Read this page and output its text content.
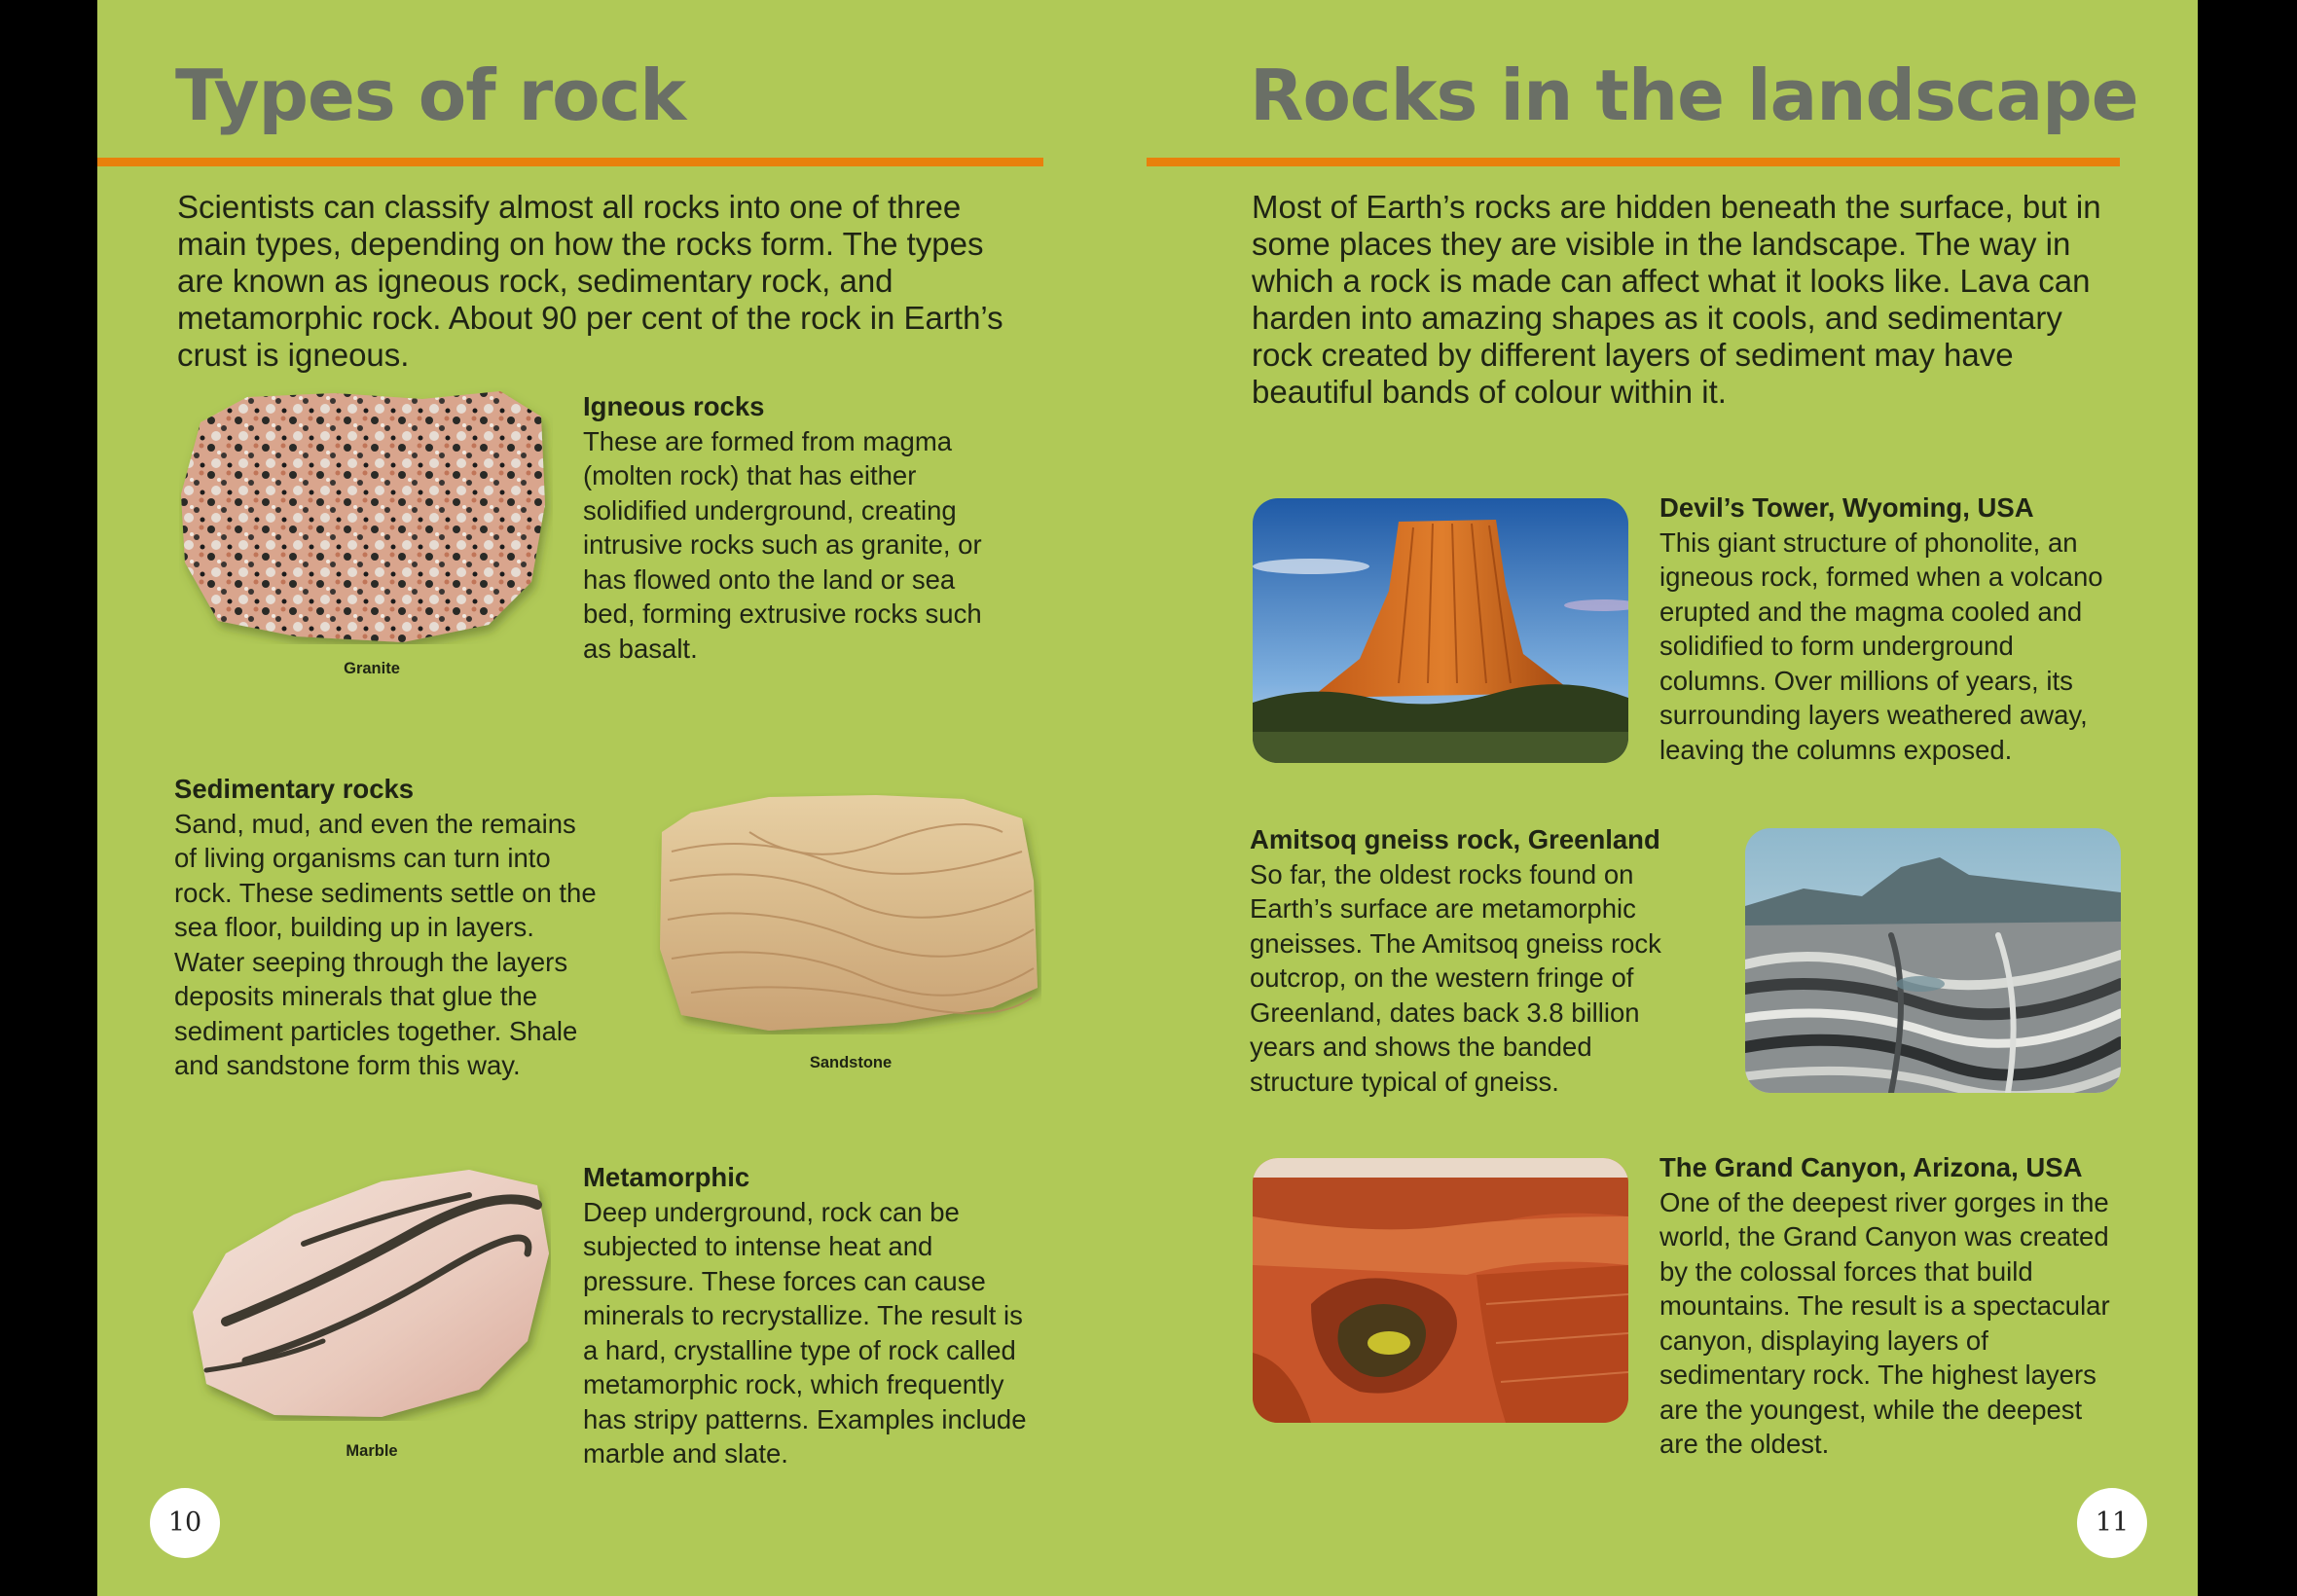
Types of rock

Scientists can classify almost all rocks into one of three main types, depending on how the rocks form. The types are known as igneous rock, sedimentary rock, and metamorphic rock. About 90 per cent of the rock in Earth’s crust is igneous.

Granite
Igneous rocks

These are formed from magma (molten rock) that has either solidified underground, creating intrusive rocks such as granite, or has flowed onto the land or sea bed, forming extrusive rocks such as basalt.

Sedimentary rocks

Sand, mud, and even the remains of living organisms can turn into rock. These sediments settle on the sea floor, building up in layers. Water seeping through the layers deposits minerals that glue the sediment particles together. Shale and sandstone form this way.	Sandstone
Marble
Metamorphic

Deep underground, rock can be subjected to intense heat and pressure. These forces can cause minerals to recrystallize. The result is a hard, crystalline type of rock called metamorphic rock, which frequently has stripy patterns. Examples include marble and slate.

10
Rocks in the landscape

Most of Earth’s rocks are hidden beneath the surface, but in some places they are visible in the landscape. The way in which a rock is made can affect what it looks like. Lava can harden into amazing shapes as it cools, and sedimentary rock created by different layers of sediment may have beautiful bands of colour within it.

Devil’s Tower, Wyoming, USA

This giant structure of phonolite, an igneous rock, formed when a volcano erupted and the magma cooled and solidified to form underground columns. Over millions of years, its surrounding layers weathered away, leaving the columns exposed.

Amitsoq gneiss rock, Greenland

So far, the oldest rocks found on Earth’s surface are metamorphic gneisses. The Amitsoq gneiss rock outcrop, on the western fringe of Greenland, dates back 3.8 billion years and shows the banded structure typical of gneiss.

The Grand Canyon, Arizona, USA

One of the deepest river gorges in the world, the Grand Canyon was created by the colossal forces that build mountains. The result is a spectacular canyon, displaying layers of sedimentary rock. The highest layers are the youngest, while the deepest are the oldest.

11
